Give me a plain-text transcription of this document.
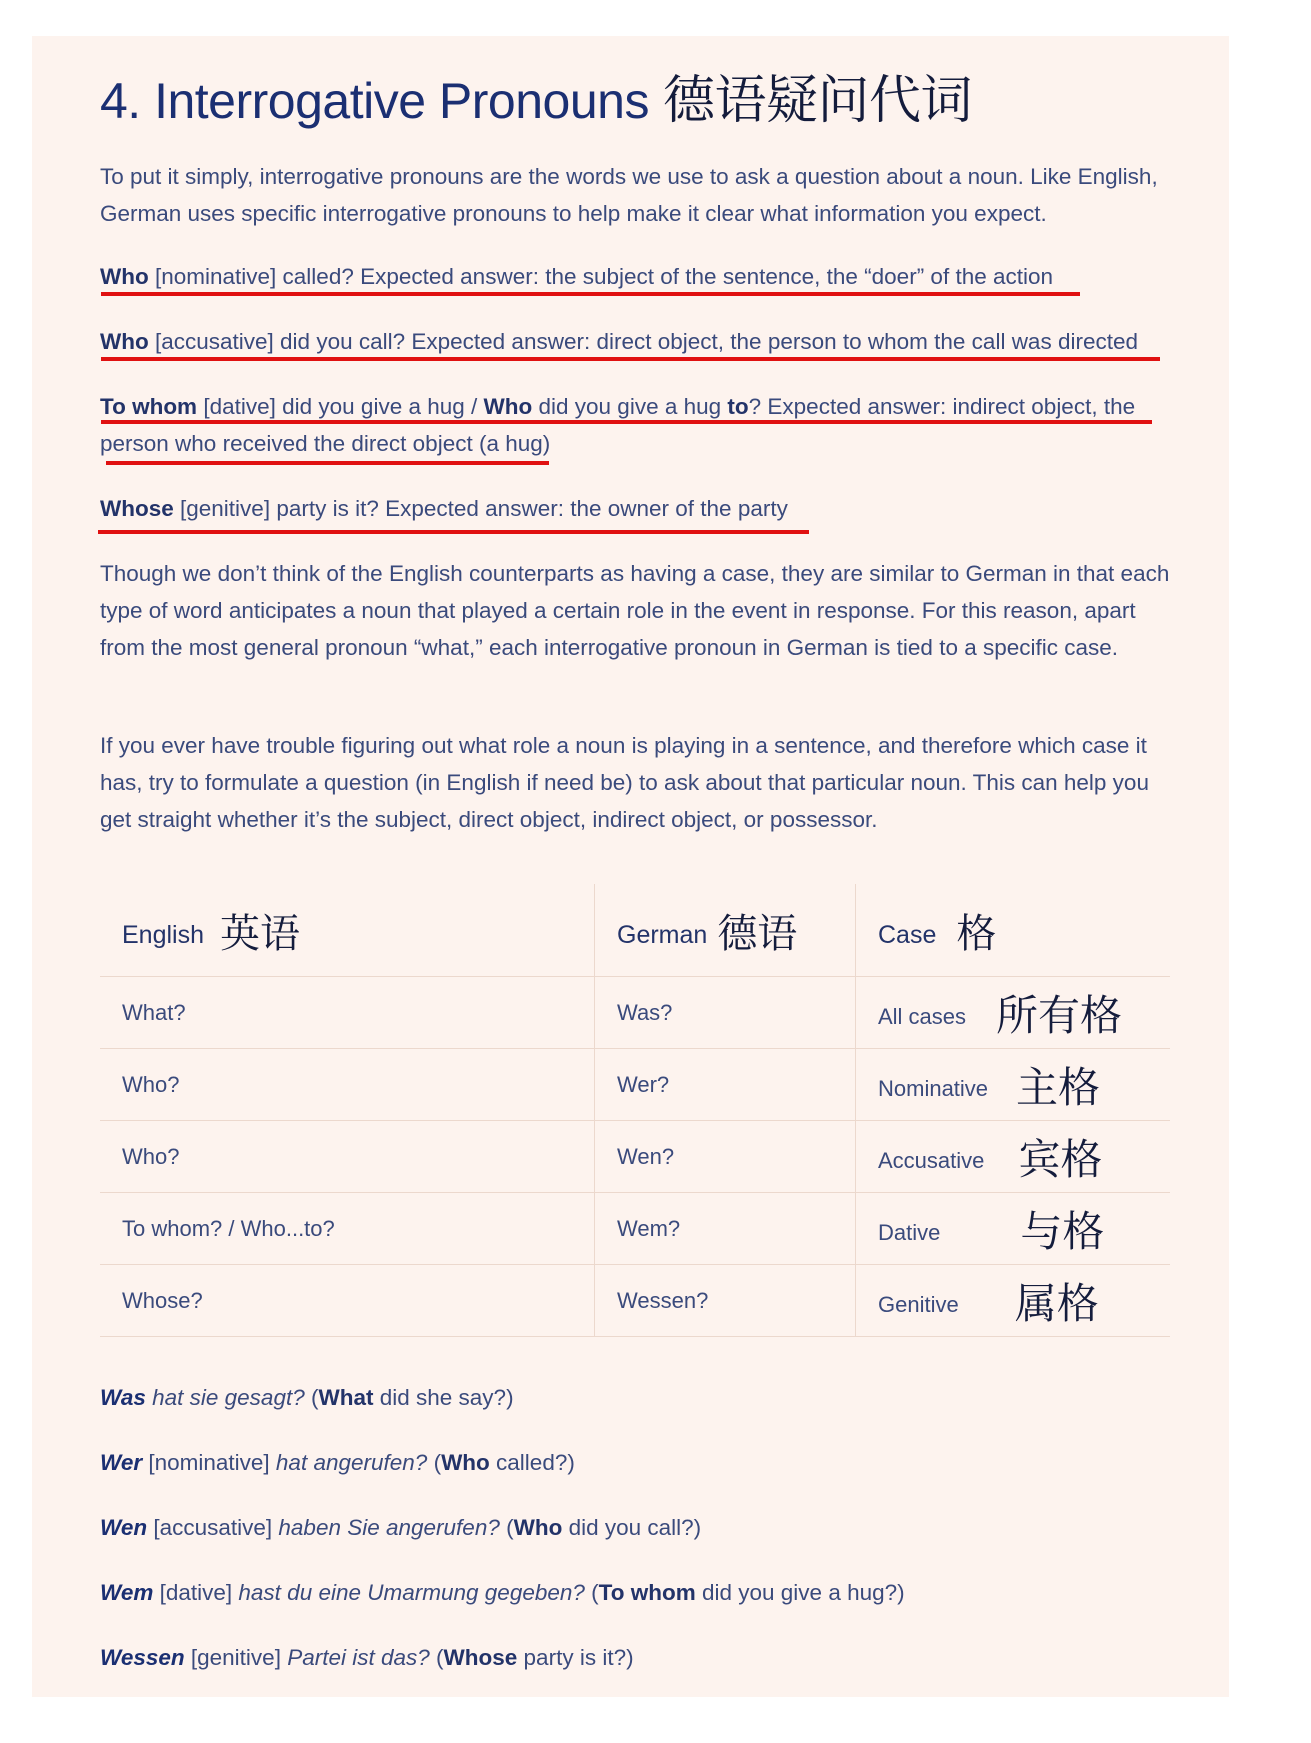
4. Interrogative Pronouns 德语疑问代词
To put it simply, interrogative pronouns are the words we use to ask a question about a noun. Like English, German uses specific interrogative pronouns to help make it clear what information you expect.
Who [nominative] called? Expected answer: the subject of the sentence, the “doer” of the action
Who [accusative] did you call? Expected answer: direct object, the person to whom the call was directed
To whom [dative] did you give a hug / Who did you give a hug to? Expected answer: indirect object, the person who received the direct object (a hug)
Whose [genitive] party is it? Expected answer: the owner of the party
Though we don’t think of the English counterparts as having a case, they are similar to German in that each type of word anticipates a noun that played a certain role in the event in response. For this reason, apart from the most general pronoun “what,” each interrogative pronoun in German is tied to a specific case.
If you ever have trouble figuring out what role a noun is playing in a sentence, and therefore which case it has, try to formulate a question (in English if need be) to ask about that particular noun. This can help you get straight whether it’s the subject, direct object, indirect object, or possessor.
English 英语	German 德语	Case 格
What?	Was?	All cases 所有格
Who?	Wer?	Nominative 主格
Who?	Wen?	Accusative 宾格
To whom? / Who...to?	Wem?	Dative 与格
Whose?	Wessen?	Genitive 属格
Was hat sie gesagt? (What did she say?)
Wer [nominative] hat angerufen? (Who called?)
Wen [accusative] haben Sie angerufen? (Who did you call?)
Wem [dative] hast du eine Umarmung gegeben? (To whom did you give a hug?)
Wessen [genitive] Partei ist das? (Whose party is it?)
